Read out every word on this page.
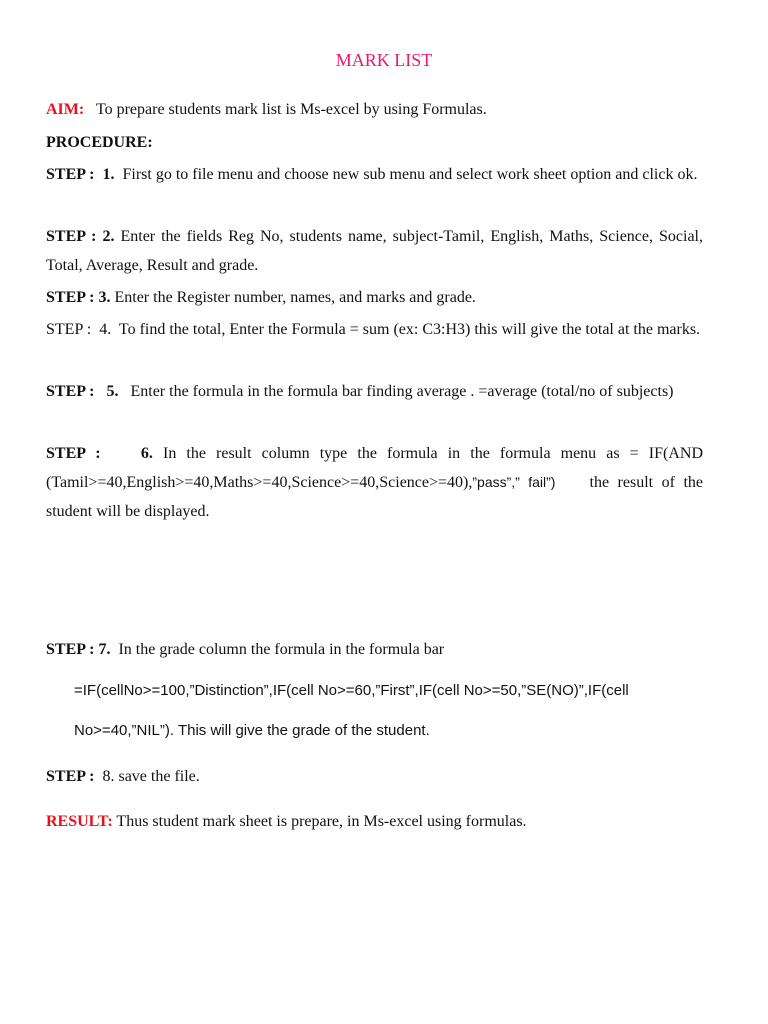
MARK LIST
AIM: To prepare students mark list is Ms-excel by using Formulas.
PROCEDURE:
STEP : 1. First go to file menu and choose new sub menu and select work sheet option and click ok.
STEP : 2. Enter the fields Reg No, students name, subject-Tamil, English, Maths, Science, Social, Total, Average, Result and grade.
STEP : 3. Enter the Register number, names, and marks and grade.
STEP : 4. To find the total, Enter the Formula = sum (ex: C3:H3) this will give the total at the marks.
STEP : 5. Enter the formula in the formula bar finding average . =average (total/no of subjects)
STEP :	6. In the result column type the formula in the formula menu as = IF(AND (Tamil>=40,English>=40,Maths>=40,Science>=40,Science>=40),”pass”,” fail”) the result of the student will be displayed.
STEP : 7. In the grade column the formula in the formula bar
=IF(cellNo>=100,”Distinction”,IF(cell No>=60,”First”,IF(cell No>=50,”SE(NO)”,IF(cell
No>=40,”NIL”). This will give the grade of the student.
STEP : 8. save the file.
RESULT: Thus student mark sheet is prepare, in Ms-excel using formulas.
